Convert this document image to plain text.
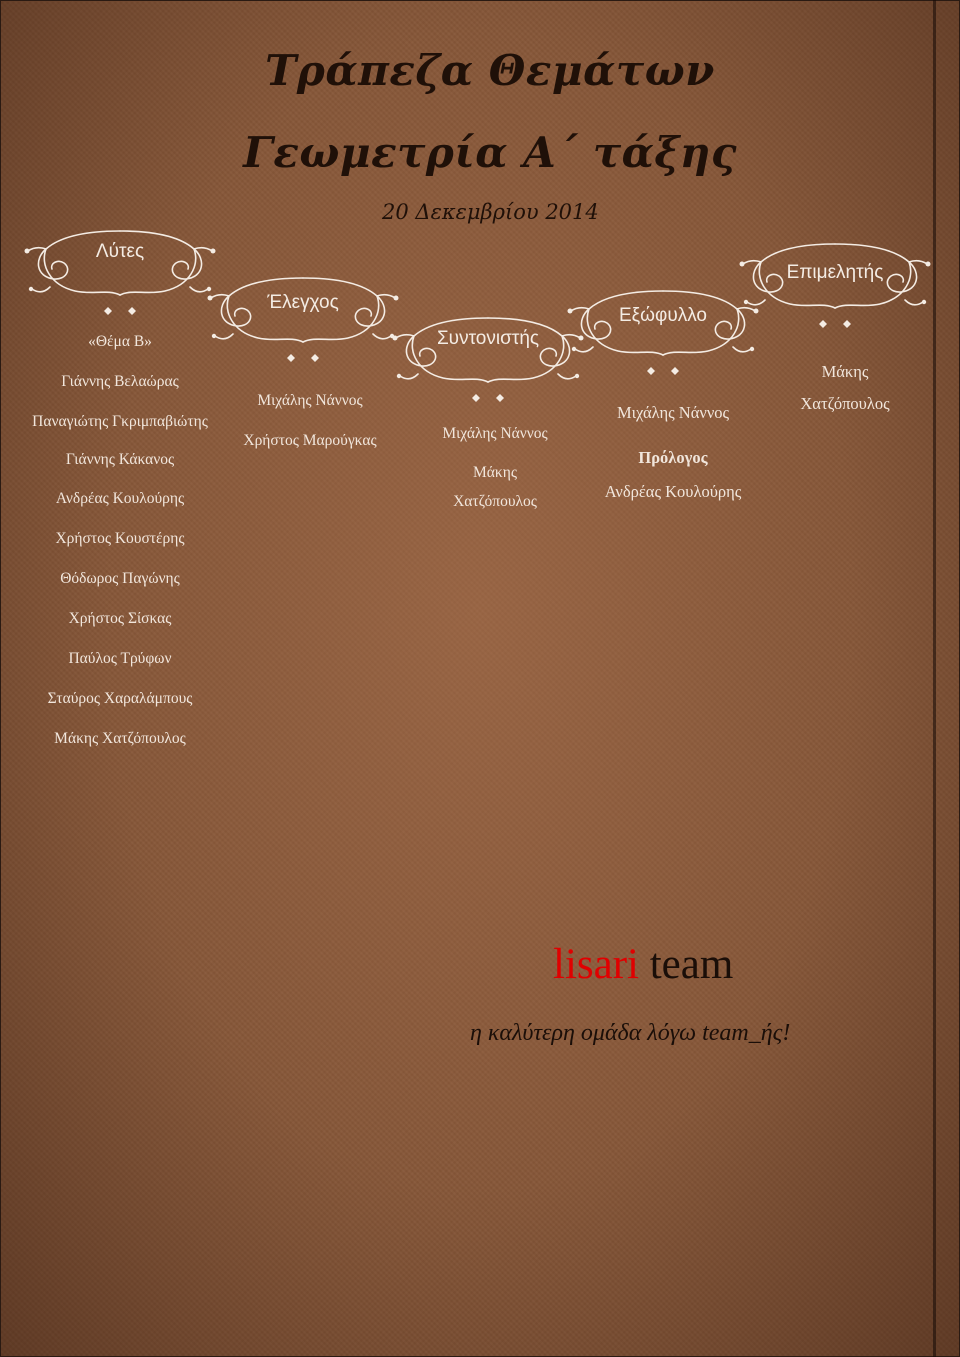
Τράπεζα Θεμάτων
Γεωμετρία Α΄ τάξης
20 Δεκεμβρίου 2014
Λύτες
Έλεγχος
Συντονιστής
Εξώφυλλο
Επιμελητής
«Θέμα Β»
Γιάννης Βελαώρας
Παναγιώτης Γκριμπαβιώτης
Γιάννης Κάκανος
Ανδρέας Κουλούρης
Χρήστος Κουστέρης
Θόδωρος Παγώνης
Χρήστος Σίσκας
Παύλος Τρύφων
Σταύρος Χαραλάμπους
Μάκης Χατζόπουλος
Μιχάλης Νάννος
Χρήστος Μαρούγκας	Μιχάλης Νάννος
Μάκης
Χατζόπουλος
Μιχάλης Νάννος
Πρόλογος
Ανδρέας Κουλούρης
Μάκης
Χατζόπουλος
lisari team
η καλύτερη ομάδα λόγω team_ής!
